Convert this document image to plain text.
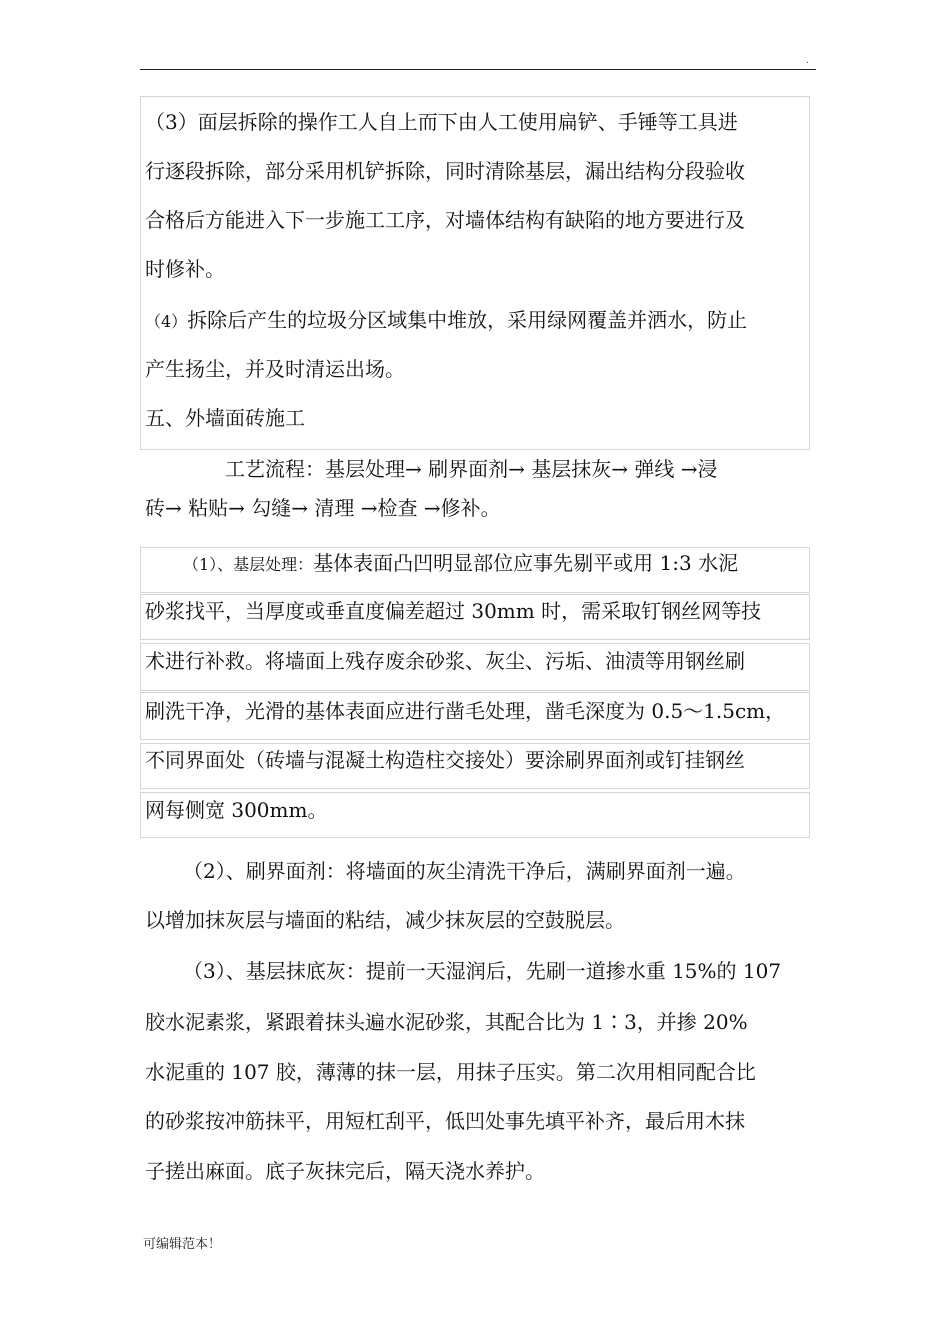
.
（3）面层拆除的操作工人自上而下由人工使用扁铲、手锤等工具进
行逐段拆除，部分采用机铲拆除，同时清除基层，漏出结构分段验收
合格后方能进入下一步施工工序，对墙体结构有缺陷的地方要进行及
时修补。
（4）拆除后产生的垃圾分区域集中堆放，采用绿网覆盖并洒水，防止
产生扬尘，并及时清运出场。
五、外墙面砖施工
工艺流程：基层处理→ 刷界面剂→ 基层抹灰→ 弹线 →浸
砖→ 粘贴→ 勾缝→ 清理 →检查 →修补。
（1）、基层处理：基体表面凸凹明显部位应事先剔平或用 1:3 水泥
砂浆找平，当厚度或垂直度偏差超过 30mm 时，需采取钉钢丝网等技
术进行补救。将墙面上残存废余砂浆、灰尘、污垢、油渍等用钢丝刷
刷洗干净，光滑的基体表面应进行凿毛处理，凿毛深度为 0.5～1.5cm，
不同界面处（砖墙与混凝土构造柱交接处）要涂刷界面剂或钉挂钢丝
网每侧宽 300mm。
（2）、刷界面剂：将墙面的灰尘清洗干净后，满刷界面剂一遍。
以增加抹灰层与墙面的粘结，减少抹灰层的空鼓脱层。
（3）、基层抹底灰：提前一天湿润后，先刷一道掺水重 15%的 107
胶水泥素浆，紧跟着抹头遍水泥砂浆，其配合比为 1∶3，并掺 20%
水泥重的 107 胶，薄薄的抹一层，用抹子压实。第二次用相同配合比
的砂浆按冲筋抹平，用短杠刮平，低凹处事先填平补齐，最后用木抹
子搓出麻面。底子灰抹完后，隔天浇水养护。
可编辑范本！
